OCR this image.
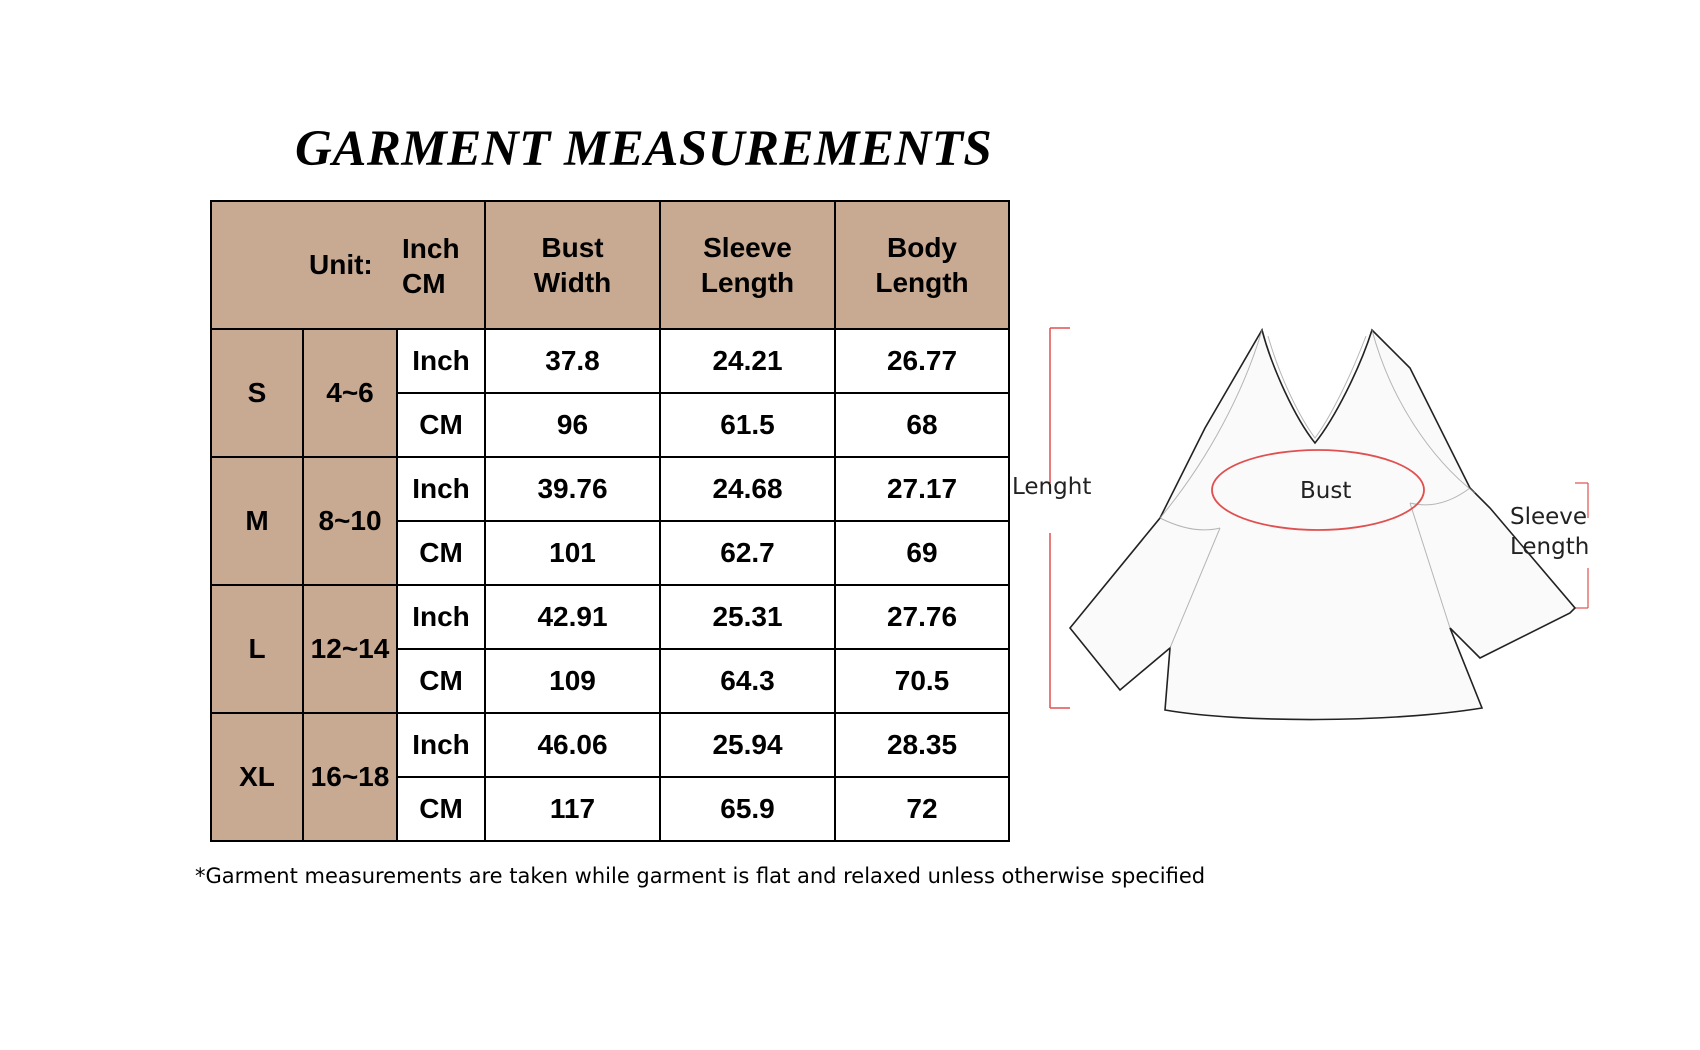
GARMENT MEASUREMENTS
Unit:
Inch
CM			Bust Width	Sleeve Length	Body Length

S	4~6	Inch	37.8	24.21	26.77
		CM	96	61.5	68
M	8~10	Inch	39.76	24.68	27.17
		CM	101	62.7	69
L	12~14	Inch	42.91	25.31	27.76
		CM	109	64.3	70.5
XL	16~18	Inch	46.06	25.94	28.35
		CM	117	65.9	72
*Garment measurements are taken while garment is flat and relaxed unless otherwise specified
Bust
Lenght
Sleeve
Length
